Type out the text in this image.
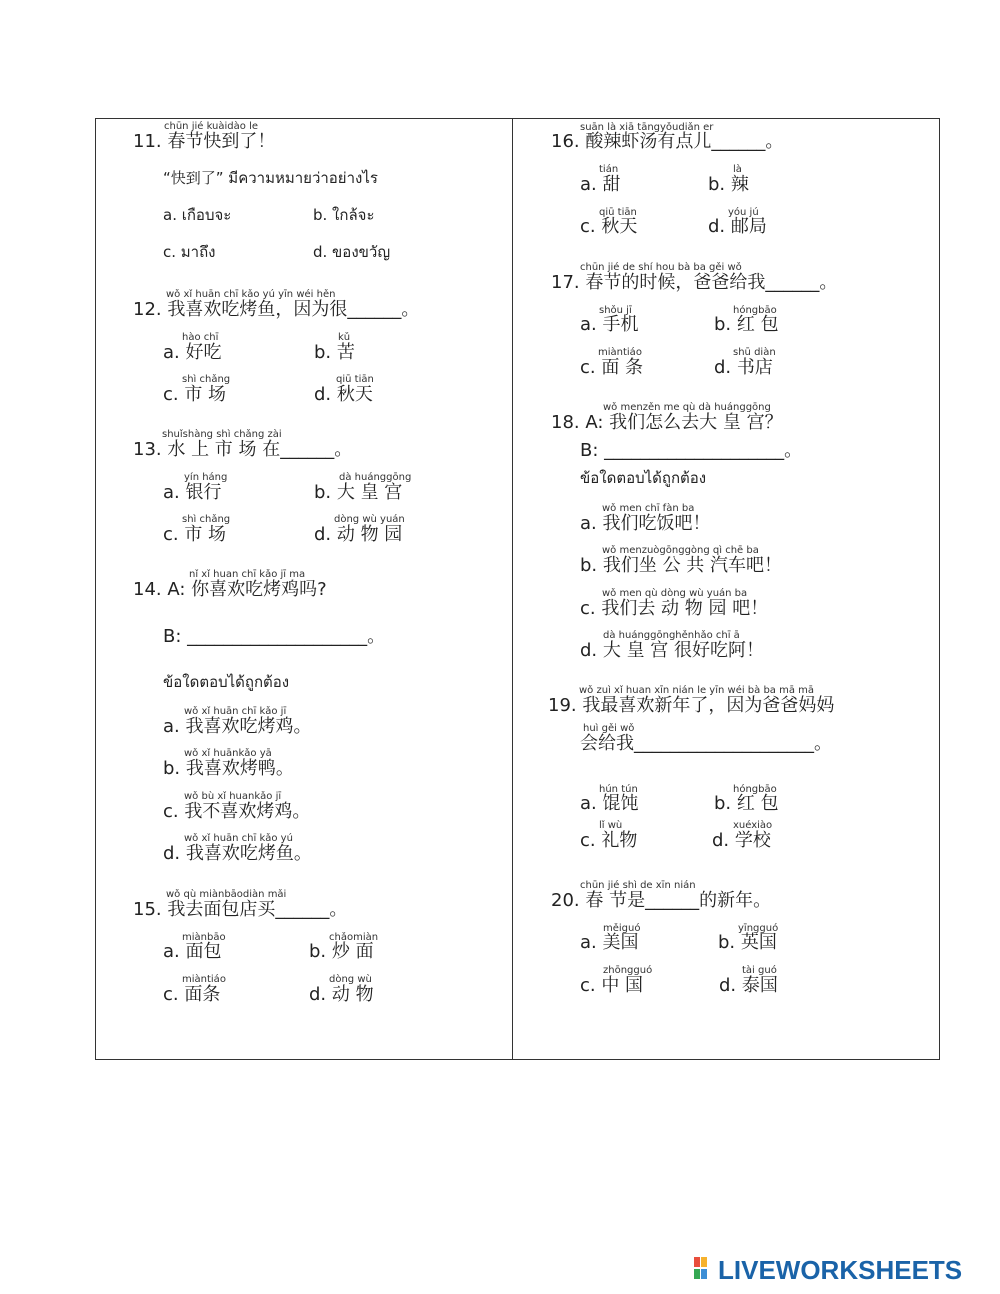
chūn jié kuàidào le
11. 春节快到了！
“快到了” มีความหมายว่าอย่างไร
a. เกือบจะ	b. ใกล้จะ
c. มาถึง	d. ของขวัญ
wǒ xǐ huān chī kǎo yú yīn wéi hěn
12. 我喜欢吃烤鱼，因为很______。
hào chī
a. 好吃
kǔ
b. 苦
shì chǎng
c. 市 场
qiū tiān
d. 秋天
shuǐshàng shì chǎng zài
13. 水 上 市 场 在______。
yín háng
a. 银行
dà huánggōng
b. 大 皇 宫
shì chǎng
c. 市 场
dòng wù yuán
d. 动 物 园
nǐ xǐ huan chī kǎo jī ma
14. A: 你喜欢吃烤鸡吗?
B: ____________________。
ข้อใดตอบได้ถูกต้อง
wǒ xǐ huān chī kǎo jī
a. 我喜欢吃烤鸡。
wǒ xǐ huānkǎo yā
b. 我喜欢烤鸭。
wǒ bù xǐ huankǎo jī
c. 我不喜欢烤鸡。
wǒ xǐ huān chī kǎo yú
d. 我喜欢吃烤鱼。
wǒ qù miànbāodiàn mǎi
15. 我去面包店买______。
miànbāo
a. 面包
chǎomiàn
b. 炒 面
miàntiáo
c. 面条
dòng wù
d. 动 物
suān là xiā tāngyǒudiǎn er
16. 酸辣虾汤有点儿______。
tián
a. 甜
là
b. 辣
qiū tiān
c. 秋天
yóu jú
d. 邮局
chūn jié de shí hou bà ba gěi wǒ
17. 春节的时候，爸爸给我______。
shǒu jī
a. 手机
hóngbāo
b. 红 包
miàntiáo
c. 面 条
shū diàn
d. 书店
wǒ menzěn me qù dà huánggōng
18. A: 我们怎么去大 皇 宫？
B: ____________________。
ข้อใดตอบได้ถูกต้อง
wǒ men chī fàn ba
a. 我们吃饭吧！
wǒ menzuògōnggòng qì chē ba
b. 我们坐 公 共 汽车吧！
wǒ men qù dòng wù yuán ba
c. 我们去 动 物 园 吧！
dà huánggōnghěnhǎo chī ā
d. 大 皇 宫 很好吃阿！
wǒ zuì xǐ huan xīn nián le yīn wéi bà ba mā mā
19. 我最喜欢新年了，因为爸爸妈妈
huì gěi wǒ
会给我____________________。
hún tún
a. 馄饨
hóngbāo
b. 红 包
lǐ wù
c. 礼物
xuéxiào
d. 学校
chūn jié shì de xīn nián
20. 春 节是______的新年。
měiguó
a. 美国
yīngguó
b. 英国
zhōngguó
c. 中 国
tài guó
d. 泰国
LIVEWORKSHEETS
